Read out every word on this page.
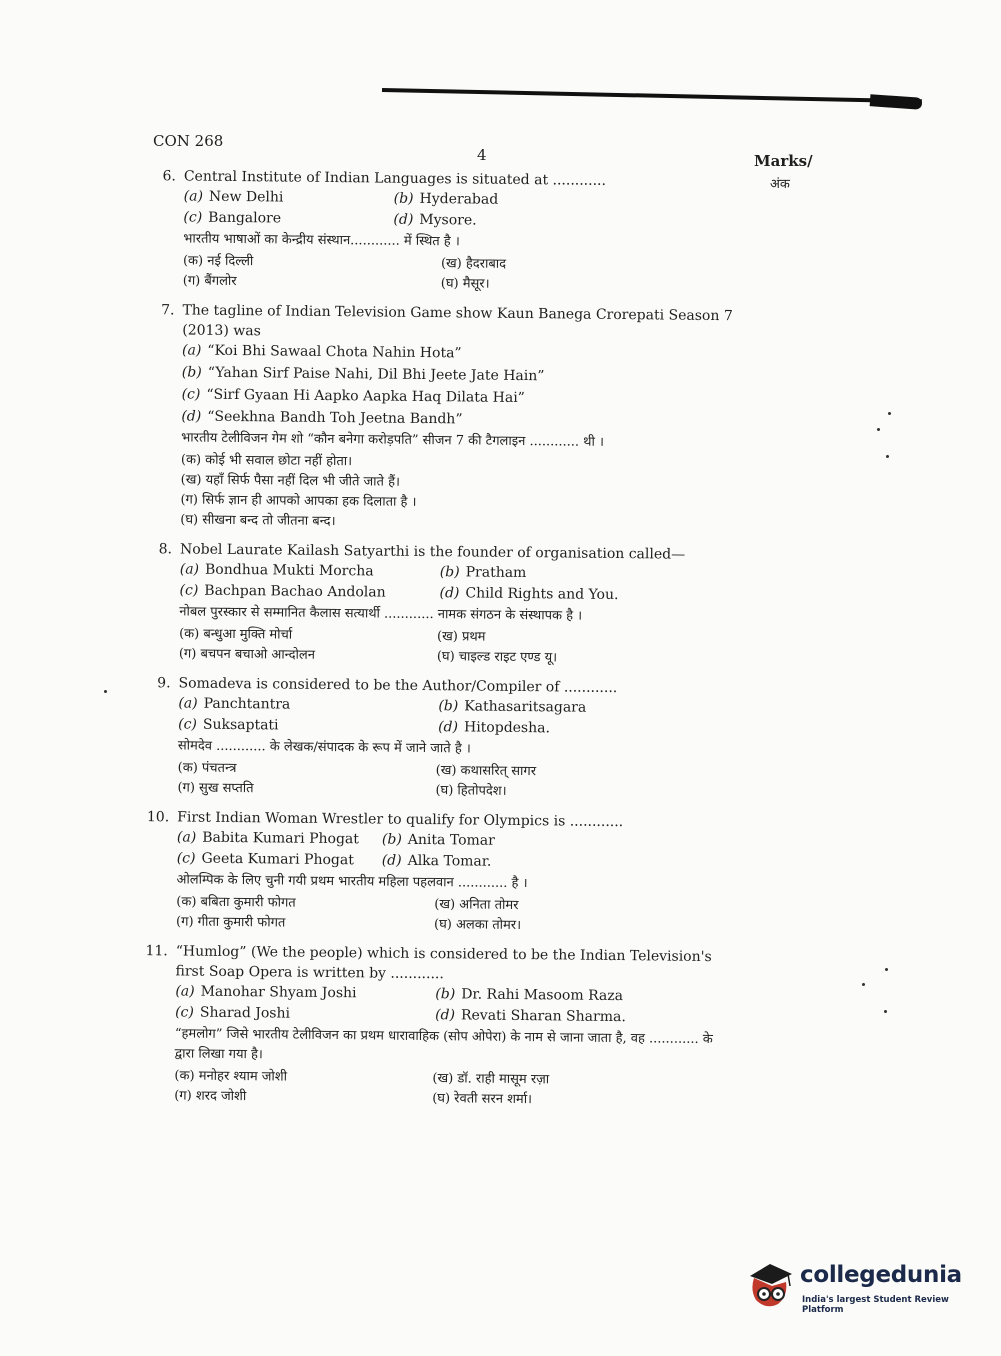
CON 268
4	Marks/
अंक
6. Central Institute of Indian Languages is situated at ............
(a) New Delhi	(b) Hyderabad
(c) Bangalore	(d) Mysore.
भारतीय भाषाओं का केन्द्रीय संस्थान............ में स्थित है ।
(क) नई दिल्ली	(ख) हैदराबाद
(ग) बैंगलोर	(घ) मैसूर।
7. The tagline of Indian Television Game show Kaun Banega Crorepati Season 7 (2013) was
(a) “Koi Bhi Sawaal Chota Nahin Hota”
(b) “Yahan Sirf Paise Nahi, Dil Bhi Jeete Jate Hain”
(c) “Sirf Gyaan Hi Aapko Aapka Haq Dilata Hai”
(d) “Seekhna Bandh Toh Jeetna Bandh”
भारतीय टेलीविजन गेम शो “कौन बनेगा करोड़पति” सीजन 7 की टैगलाइन ............ थी ।
(क) कोई भी सवाल छोटा नहीं होता।
(ख) यहाँ सिर्फ पैसा नहीं दिल भी जीते जाते हैं।
(ग) सिर्फ ज्ञान ही आपको आपका हक दिलाता है ।
(घ) सीखना बन्द तो जीतना बन्द।
8. Nobel Laurate Kailash Satyarthi is the founder of organisation called—
(a) Bondhua Mukti Morcha	(b) Pratham
(c) Bachpan Bachao Andolan	(d) Child Rights and You.
नोबल पुरस्कार से सम्मानित कैलास सत्यार्थी ............ नामक संगठन के संस्थापक है ।
(क) बन्धुआ मुक्ति मोर्चा	(ख) प्रथम
(ग) बचपन बचाओ आन्दोलन	(घ) चाइल्ड राइट एण्ड यू।
9. Somadeva is considered to be the Author/Compiler of ............
(a) Panchtantra	(b) Kathasaritsagara
(c) Suksaptati	(d) Hitopdesha.
सोमदेव ............ के लेखक/संपादक के रूप में जाने जाते है ।
(क) पंचतन्त्र	(ख) कथासरित् सागर
(ग) सुख सप्तति	(घ) हितोपदेश।
10. First Indian Woman Wrestler to qualify for Olympics is ............
(a) Babita Kumari Phogat	(b) Anita Tomar
(c) Geeta Kumari Phogat	(d) Alka Tomar.
ओलम्पिक के लिए चुनी गयी प्रथम भारतीय महिला पहलवान ............ है ।
(क) बबिता कुमारी फोगत	(ख) अनिता तोमर
(ग) गीता कुमारी फोगत	(घ) अलका तोमर।
11. “Humlog” (We the people) which is considered to be the Indian Television's first Soap Opera is written by ............
(a) Manohar Shyam Joshi	(b) Dr. Rahi Masoom Raza
(c) Sharad Joshi	(d) Revati Sharan Sharma.
“हमलोग” जिसे भारतीय टेलीविजन का प्रथम धारावाहिक (सोप ओपेरा) के नाम से जाना जाता है, वह ............ के द्वारा लिखा गया है।
(क) मनोहर श्याम जोशी	(ख) डॉ. राही मासूम रज़ा
(ग) शरद जोशी	(घ) रेवती सरन शर्मा।
collegedunia
India's largest Student Review Platform
